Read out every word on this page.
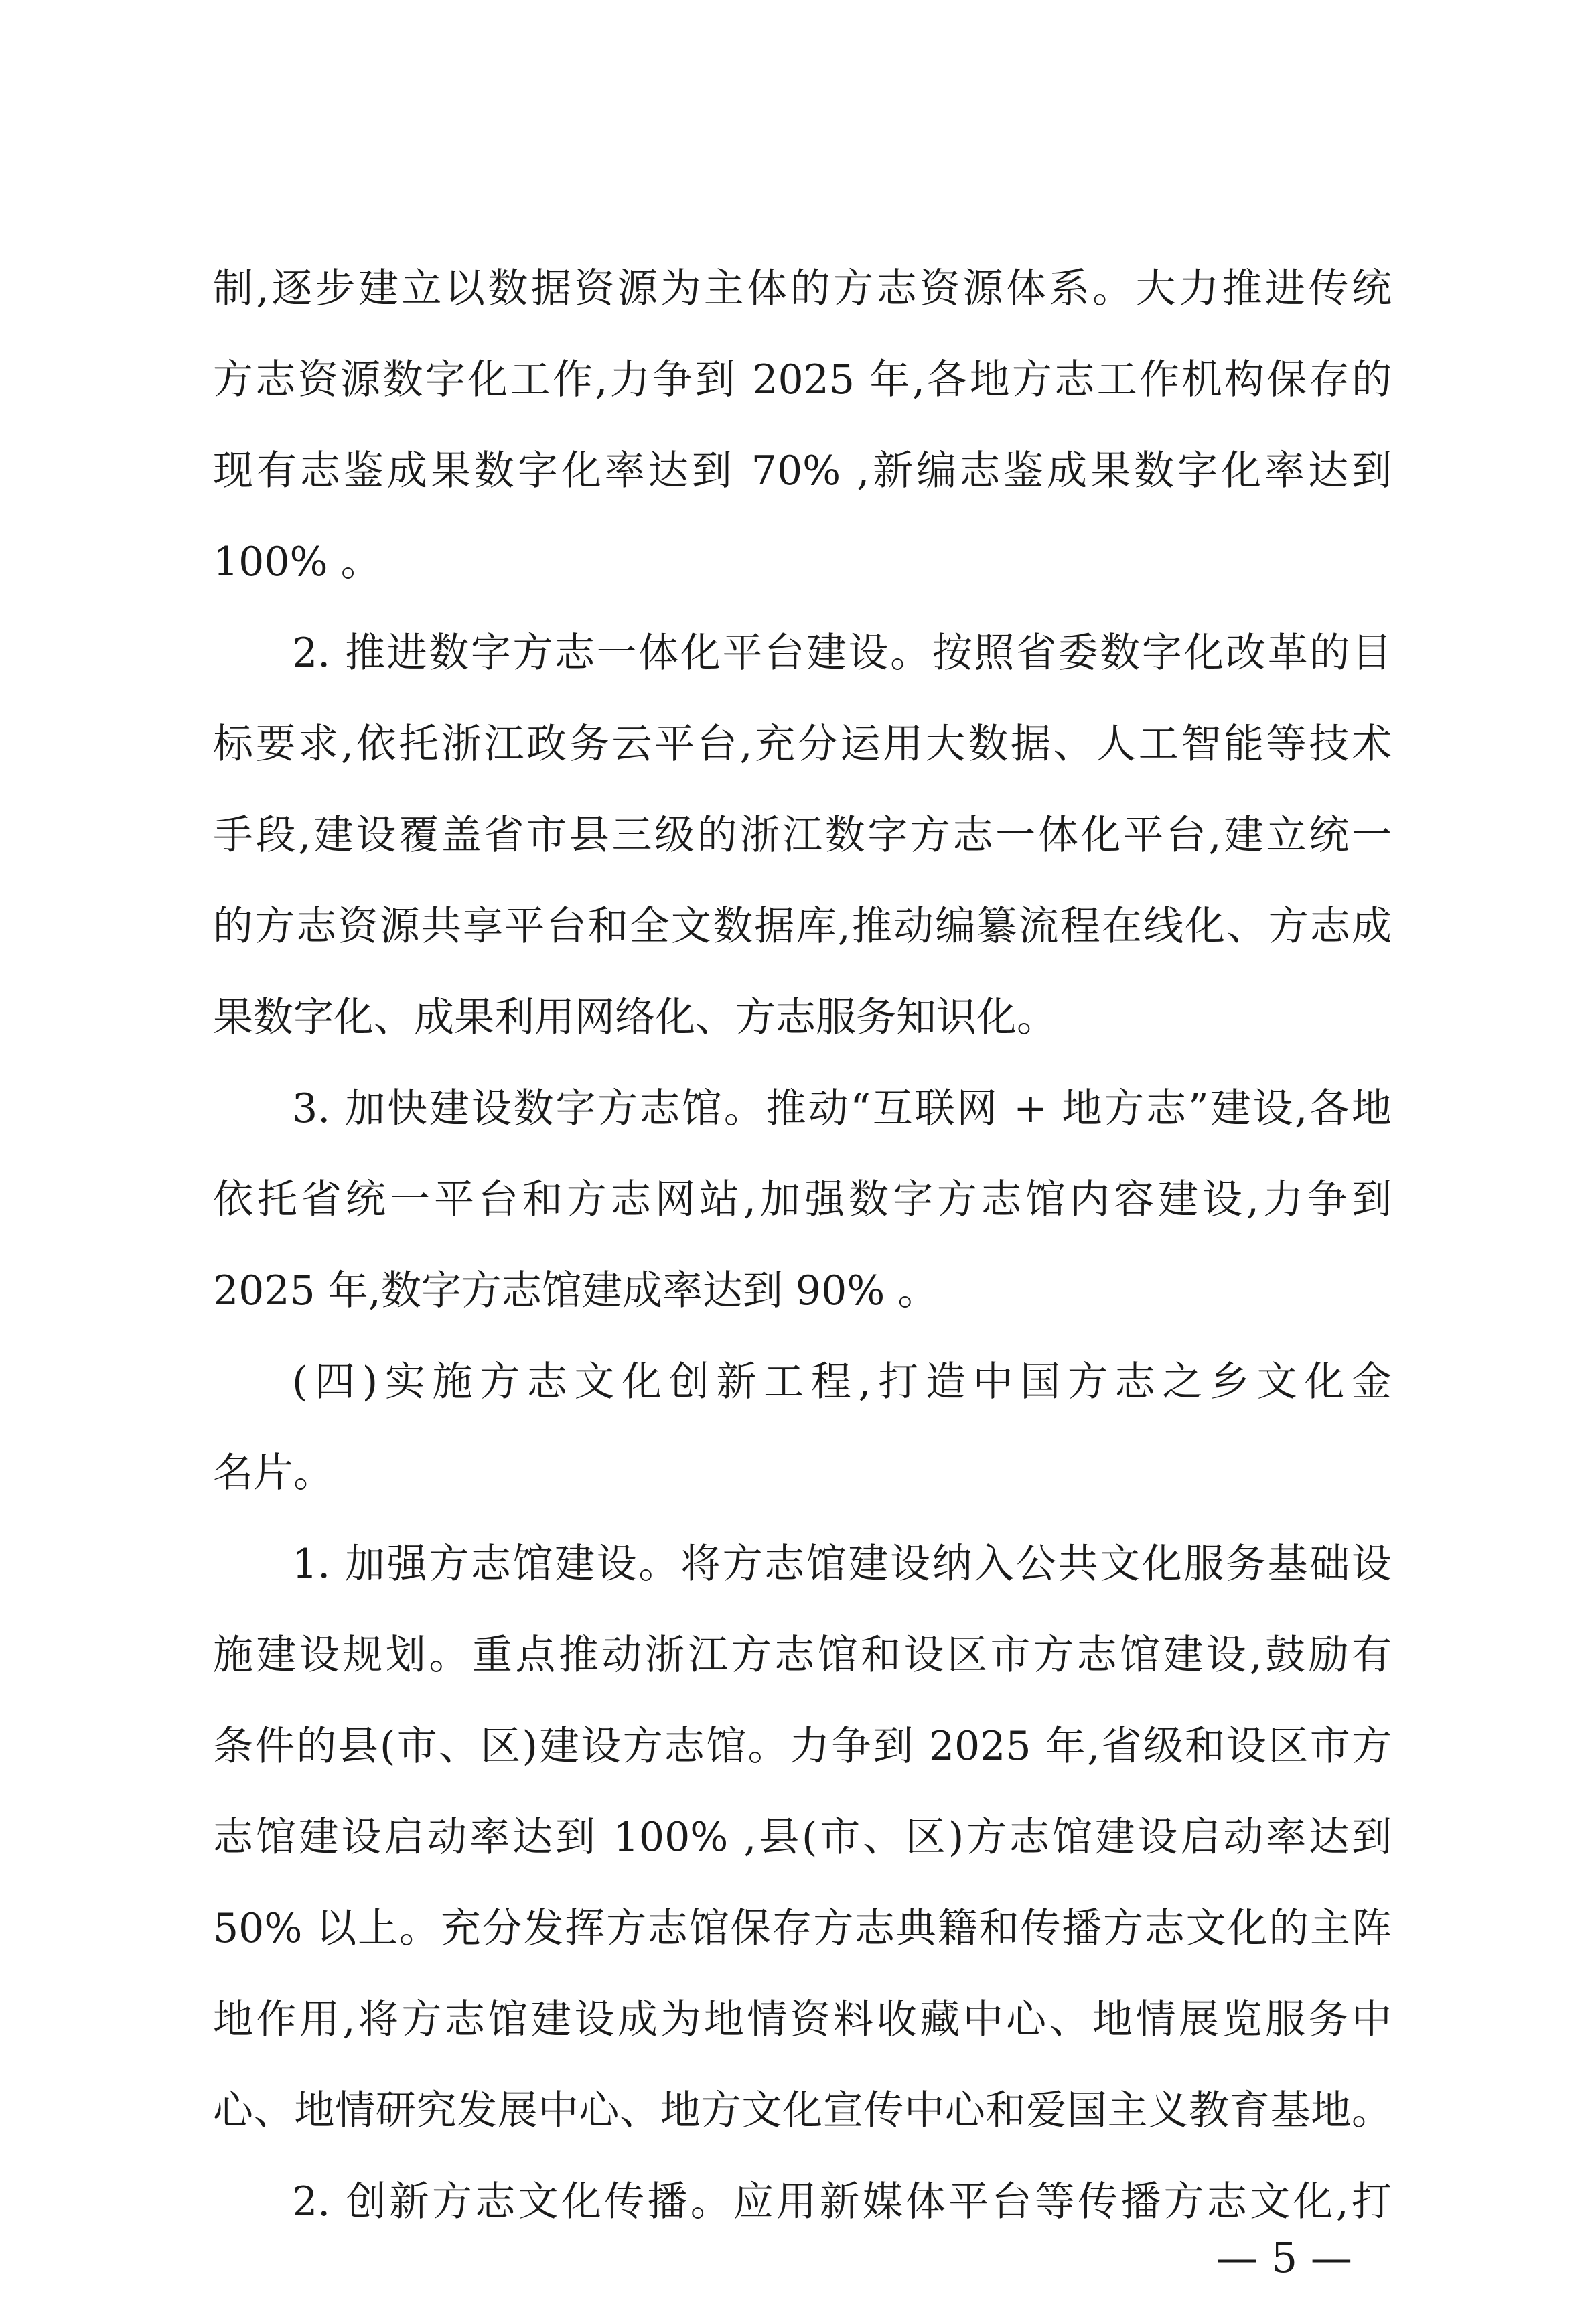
制,逐步建立以数据资源为主体的方志资源体系。大力推进传统
方志资源数字化工作,力争到 2025 年,各地方志工作机构保存的
现有志鉴成果数字化率达到 70% ,新编志鉴成果数字化率达到
100% 。
2. 推进数字方志一体化平台建设。按照省委数字化改革的目
标要求,依托浙江政务云平台,充分运用大数据、人工智能等技术
手段,建设覆盖省市县三级的浙江数字方志一体化平台,建立统一
的方志资源共享平台和全文数据库,推动编纂流程在线化、方志成
果数字化、成果利用网络化、方志服务知识化。
3. 加快建设数字方志馆。推动“互联网 + 地方志”建设,各地
依托省统一平台和方志网站,加强数字方志馆内容建设,力争到
2025 年,数字方志馆建成率达到 90% 。
(四)实施方志文化创新工程,打造中国方志之乡文化金
名片。
1. 加强方志馆建设。将方志馆建设纳入公共文化服务基础设
施建设规划。重点推动浙江方志馆和设区市方志馆建设,鼓励有
条件的县(市、区)建设方志馆。力争到 2025 年,省级和设区市方
志馆建设启动率达到 100% ,县(市、区)方志馆建设启动率达到
50% 以上。充分发挥方志馆保存方志典籍和传播方志文化的主阵
地作用,将方志馆建设成为地情资料收藏中心、地情展览服务中
心、地情研究发展中心、地方文化宣传中心和爱国主义教育基地。
2. 创新方志文化传播。应用新媒体平台等传播方志文化,打
— 5 —
